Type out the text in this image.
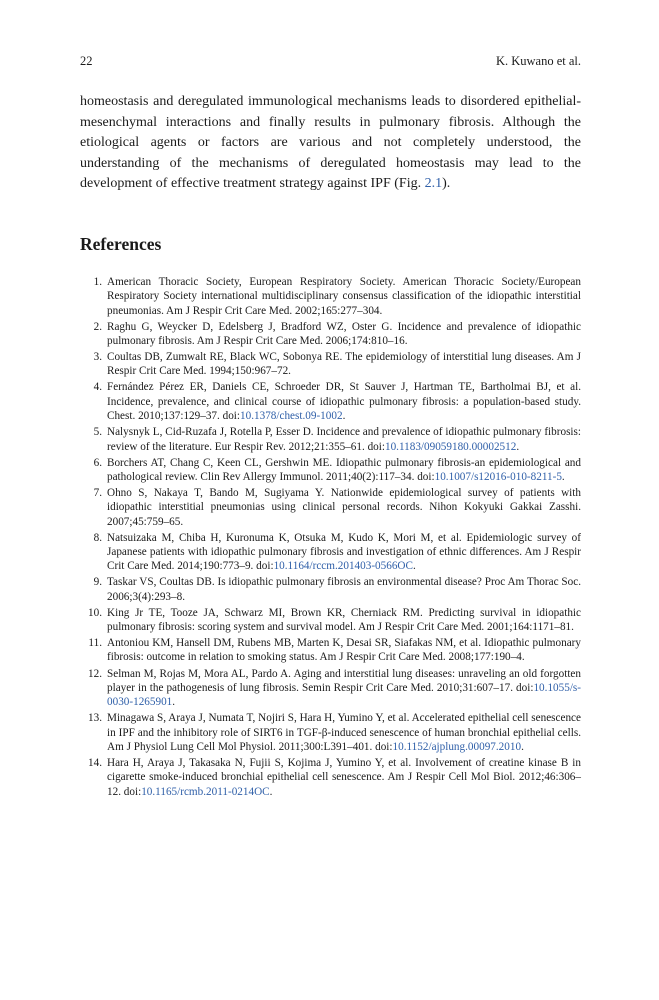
22	K. Kuwano et al.

homeostasis and deregulated immunological mechanisms leads to disordered epithelial-mesenchymal interactions and finally results in pulmonary fibrosis. Although the etiological agents or factors are various and not completely understood, the understanding of the mechanisms of deregulated homeostasis may lead to the development of effective treatment strategy against IPF (Fig. 2.1).

References
1. American Thoracic Society, European Respiratory Society. American Thoracic Society/European Respiratory Society international multidisciplinary consensus classification of the idiopathic interstitial pneumonias. Am J Respir Crit Care Med. 2002;165:277–304.
2. Raghu G, Weycker D, Edelsberg J, Bradford WZ, Oster G. Incidence and prevalence of idiopathic pulmonary fibrosis. Am J Respir Crit Care Med. 2006;174:810–16.
3. Coultas DB, Zumwalt RE, Black WC, Sobonya RE. The epidemiology of interstitial lung diseases. Am J Respir Crit Care Med. 1994;150:967–72.
4. Fernández Pérez ER, Daniels CE, Schroeder DR, St Sauver J, Hartman TE, Bartholmai BJ, et al. Incidence, prevalence, and clinical course of idiopathic pulmonary fibrosis: a population-based study. Chest. 2010;137:129–37. doi:10.1378/chest.09-1002.
5. Nalysnyk L, Cid-Ruzafa J, Rotella P, Esser D. Incidence and prevalence of idiopathic pulmonary fibrosis: review of the literature. Eur Respir Rev. 2012;21:355–61. doi:10.1183/09059180.00002512.
6. Borchers AT, Chang C, Keen CL, Gershwin ME. Idiopathic pulmonary fibrosis-an epidemiological and pathological review. Clin Rev Allergy Immunol. 2011;40(2):117–34. doi:10.1007/s12016-010-8211-5.
7. Ohno S, Nakaya T, Bando M, Sugiyama Y. Nationwide epidemiological survey of patients with idiopathic interstitial pneumonias using clinical personal records. Nihon Kokyuki Gakkai Zasshi. 2007;45:759–65.
8. Natsuizaka M, Chiba H, Kuronuma K, Otsuka M, Kudo K, Mori M, et al. Epidemiologic survey of Japanese patients with idiopathic pulmonary fibrosis and investigation of ethnic differences. Am J Respir Crit Care Med. 2014;190:773–9. doi:10.1164/rccm.201403-0566OC.
9. Taskar VS, Coultas DB. Is idiopathic pulmonary fibrosis an environmental disease? Proc Am Thorac Soc. 2006;3(4):293–8.
10. King Jr TE, Tooze JA, Schwarz MI, Brown KR, Cherniack RM. Predicting survival in idiopathic pulmonary fibrosis: scoring system and survival model. Am J Respir Crit Care Med. 2001;164:1171–81.
11. Antoniou KM, Hansell DM, Rubens MB, Marten K, Desai SR, Siafakas NM, et al. Idiopathic pulmonary fibrosis: outcome in relation to smoking status. Am J Respir Crit Care Med. 2008;177:190–4.
12. Selman M, Rojas M, Mora AL, Pardo A. Aging and interstitial lung diseases: unraveling an old forgotten player in the pathogenesis of lung fibrosis. Semin Respir Crit Care Med. 2010;31:607–17. doi:10.1055/s-0030-1265901.
13. Minagawa S, Araya J, Numata T, Nojiri S, Hara H, Yumino Y, et al. Accelerated epithelial cell senescence in IPF and the inhibitory role of SIRT6 in TGF-β-induced senescence of human bronchial epithelial cells. Am J Physiol Lung Cell Mol Physiol. 2011;300:L391–401. doi:10.1152/ajplung.00097.2010.
14. Hara H, Araya J, Takasaka N, Fujii S, Kojima J, Yumino Y, et al. Involvement of creatine kinase B in cigarette smoke-induced bronchial epithelial cell senescence. Am J Respir Cell Mol Biol. 2012;46:306–12. doi:10.1165/rcmb.2011-0214OC.
